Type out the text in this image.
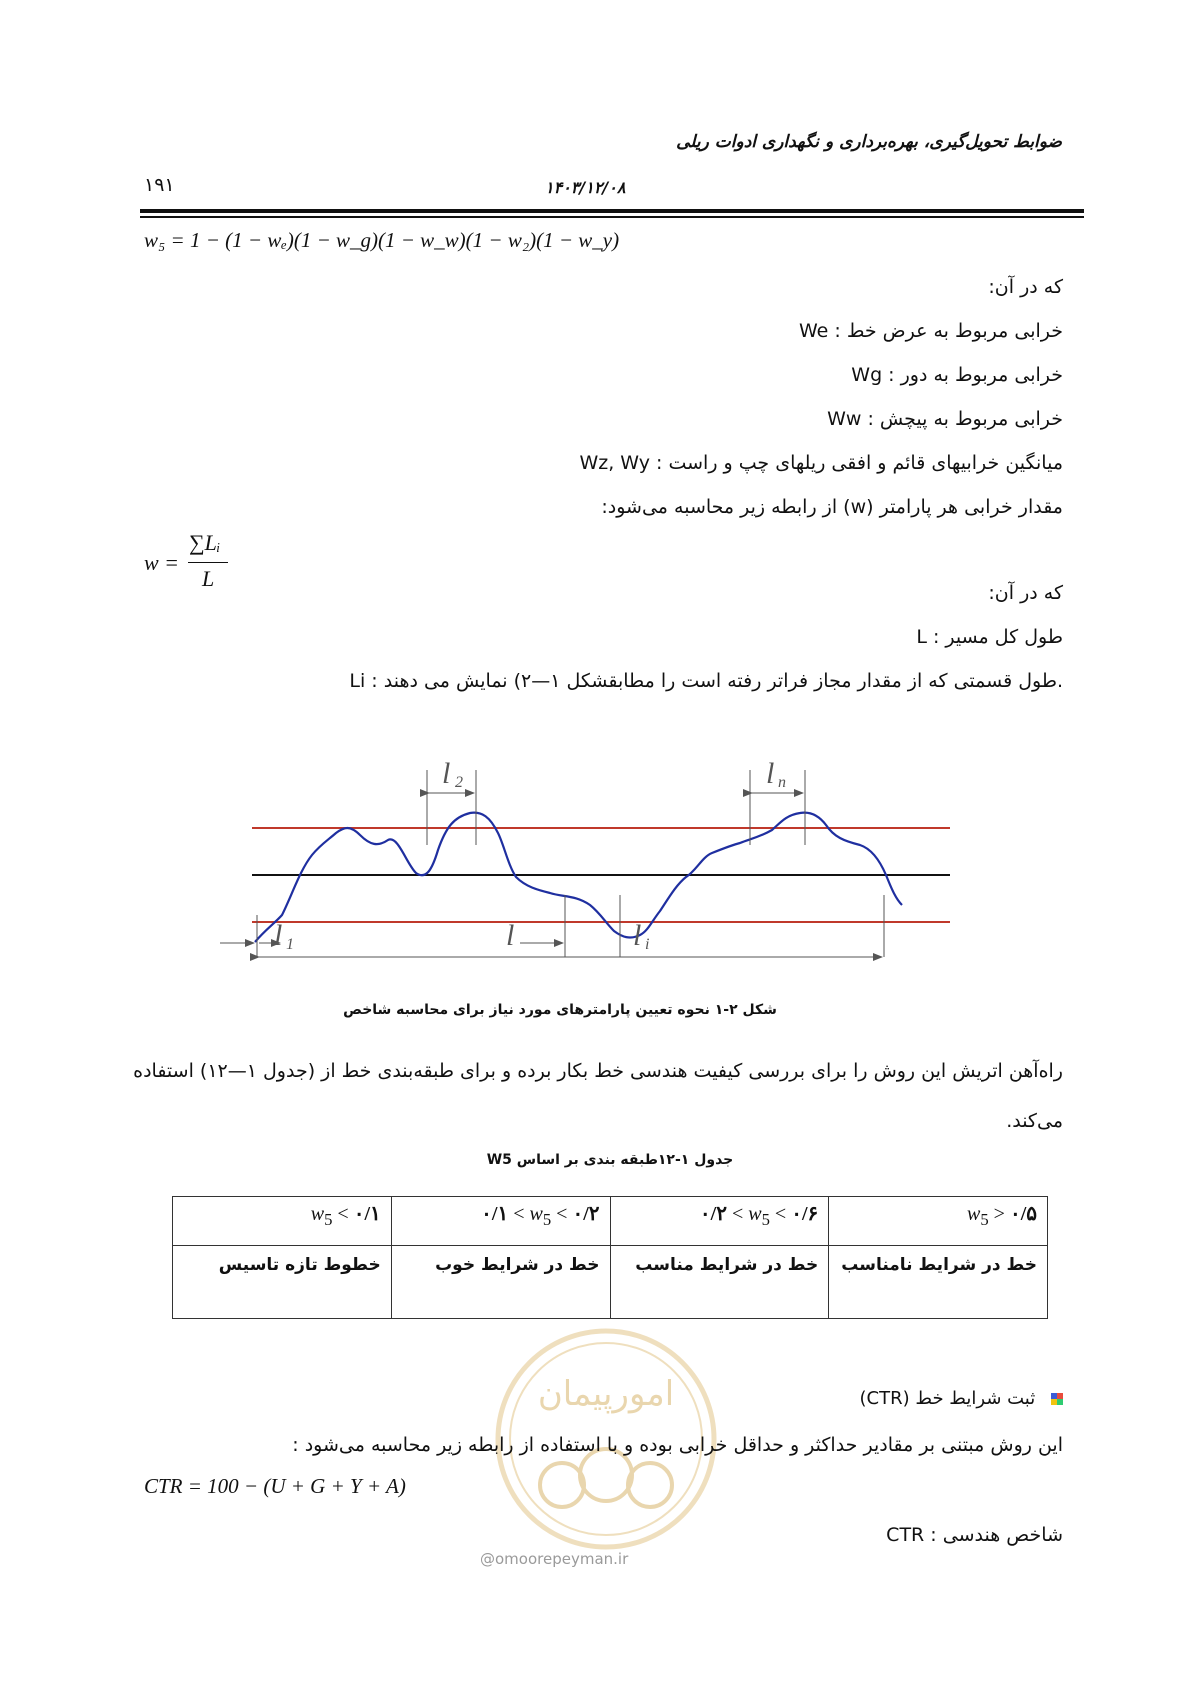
ضوابط تحویل‌گیری، بهره‌برداری و نگهداری ادوات ریلی
۱۹۱	۱۴۰۳/۱۲/۰۸
w₅ = 1 − (1 − wₑ)(1 − w_g)(1 − w_w)(1 − w₂)(1 − w_y)
که در آن:
We : خرابی مربوط به عرض خط
Wg : خرابی مربوط به دور
Ww : خرابی مربوط به پیچش
Wz, Wy : میانگین خرابیهای قائم و افقی ریلهای چپ و راست
مقدار خرابی هر پارامتر (w) از رابطه زیر محاسبه می‌شود:
w =
∑Lᵢ
L
که در آن:
L : طول کل مسیر
Li : طول قسمتی که از مقدار مجاز فراتر رفته است را مطابقشکل ۱—۲) نمایش می دهند.
l 2	l n
l 1	l	l i
شکل ۲-۱ نحوه تعیین پارامترهای مورد نیاز برای محاسبه شاخص
راه‌آهن اتریش این روش را برای بررسی کیفیت هندسی خط بکار برده و برای طبقه‌بندی خط از (جدول ۱—۱۲) استفاده
می‌کند.
جدول ۱-۱۲طبقه بندی بر اساس W5
$w_5$ > ۰/۵	۰/۲ < $w_5$ < ۰/۶	۰/۱ < $w_5$ < ۰/۲	$w_5$ < ۰/۱
خط در شرایط نامناسب	خط در شرایط مناسب	خط در شرایط خوب	خطوط تازه تاسیس
امورپیمان
@omoorepeyman.ir
ثبت شرایط خط (CTR)
این روش مبتنی بر مقادیر حداکثر و حداقل خرابی بوده و با استفاده از رابطه زیر محاسبه می‌شود :
CTR = 100 − (U + G + Y + A)
CTR : شاخص هندسی
